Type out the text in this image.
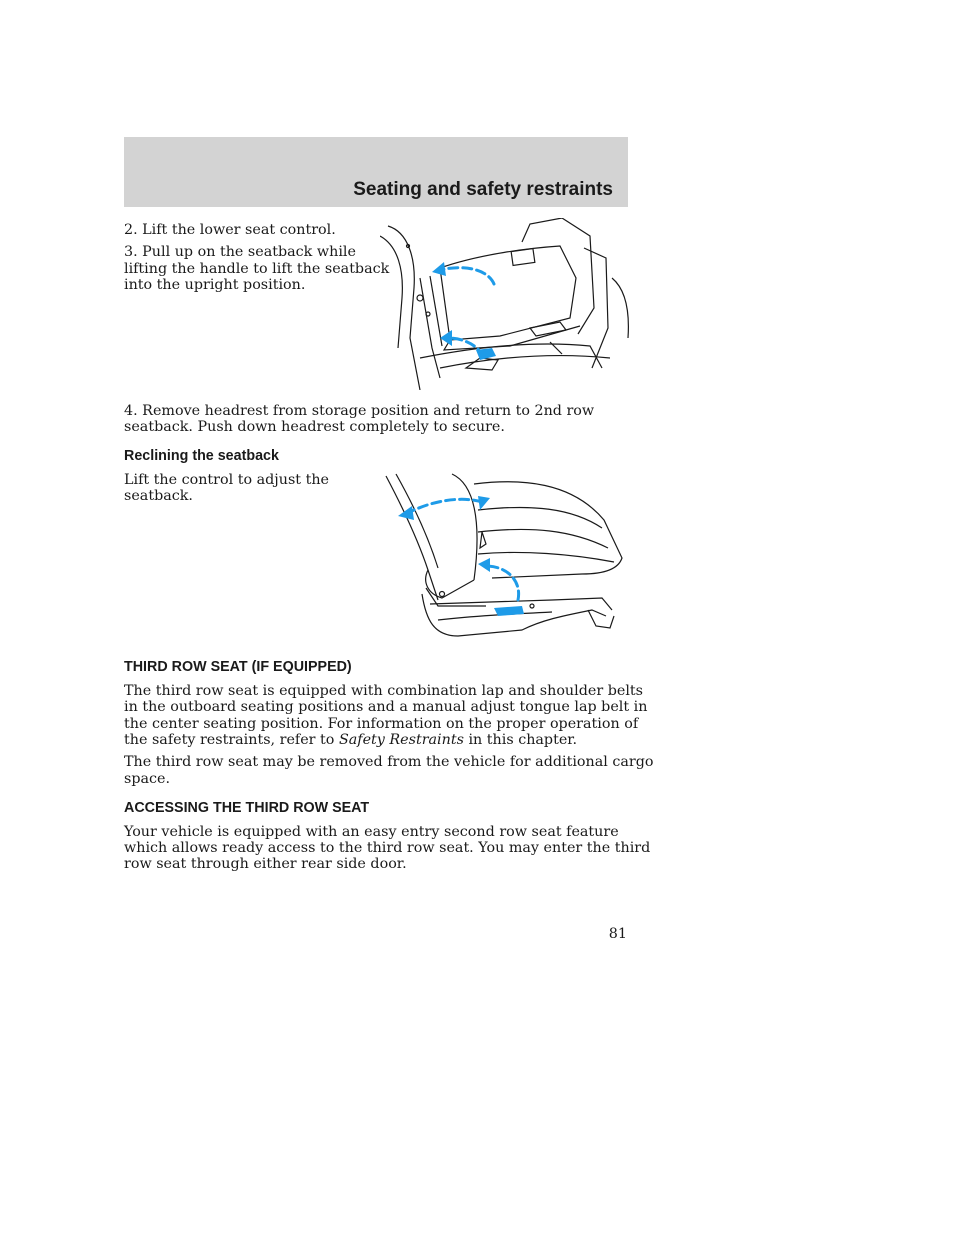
Seating and safety restraints

2. Lift the lower seat control.

3. Pull up on the seatback while

lifting the handle to lift the seatback

into the upright position.

4. Remove headrest from storage position and return to 2nd row

seatback. Push down headrest completely to secure.

Reclining the seatback

Lift the control to adjust the

seatback.

THIRD ROW SEAT (IF EQUIPPED)

The third row seat is equipped with combination lap and shoulder belts

in the outboard seating positions and a manual adjust tongue lap belt in

the center seating position. For information on the proper operation of

the safety restraints, refer to Safety Restraints in this chapter.

The third row seat may be removed from the vehicle for additional cargo

space.

ACCESSING THE THIRD ROW SEAT

Your vehicle is equipped with an easy entry second row seat feature

which allows ready access to the third row seat. You may enter the third

row seat through either rear side door.

81
